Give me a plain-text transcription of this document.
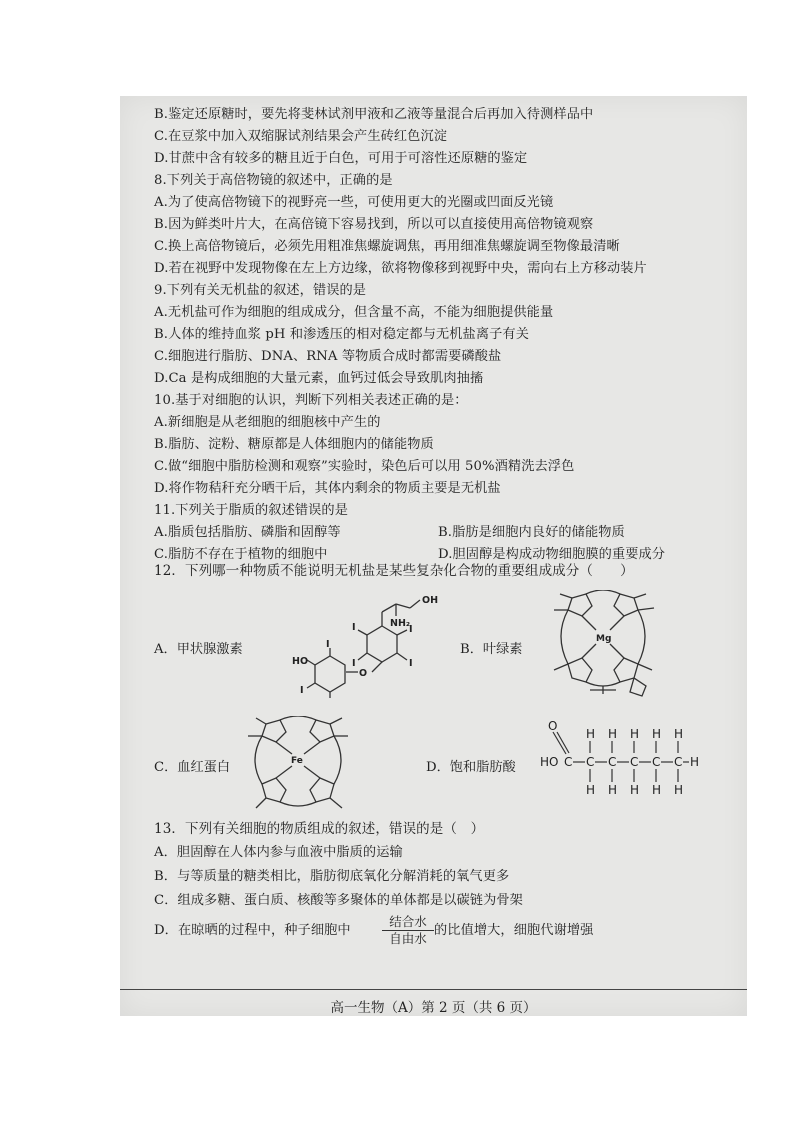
B.鉴定还原糖时，要先将斐林试剂甲液和乙液等量混合后再加入待测样品中
C.在豆浆中加入双缩脲试剂结果会产生砖红色沉淀
D.甘蔗中含有较多的糖且近于白色，可用于可溶性还原糖的鉴定
8.下列关于高倍物镜的叙述中，正确的是
A.为了使高倍物镜下的视野亮一些，可使用更大的光圈或凹面反光镜
B.因为鲜类叶片大，在高倍镜下容易找到，所以可以直接使用高倍物镜观察
C.换上高倍物镜后，必须先用粗准焦螺旋调焦，再用细准焦螺旋调至物像最清晰
D.若在视野中发现物像在左上方边缘，欲将物像移到视野中央，需向右上方移动装片
9.下列有关无机盐的叙述，错误的是
A.无机盐可作为细胞的组成成分，但含量不高，不能为细胞提供能量
B.人体的维持血浆 pH 和渗透压的相对稳定都与无机盐离子有关
C.细胞进行脂肪、DNA、RNA 等物质合成时都需要磷酸盐
D.Ca 是构成细胞的大量元素，血钙过低会导致肌肉抽搐
10.基于对细胞的认识，判断下列相关表述正确的是：
A.新细胞是从老细胞的细胞核中产生的
B.脂肪、淀粉、糖原都是人体细胞内的储能物质
C.做“细胞中脂肪检测和观察”实验时，染色后可以用 50%酒精洗去浮色
D.将作物秸秆充分晒干后，其体内剩余的物质主要是无机盐
11.下列关于脂质的叙述错误的是
A.脂质包括脂肪、磷脂和固醇等	B.脂肪是细胞内良好的储能物质
C.脂肪不存在于植物的细胞中	D.胆固醇是构成动物细胞膜的重要成分
12．下列哪一种物质不能说明无机盐是某些复杂化合物的重要组成成分（　　）
A．甲状腺激素	B．叶绿素
C．血红蛋白	D．饱和脂肪酸
OH
NH₂
I
I
I
I
O
I
HO
I
Mg
Fe
O
HO C C C C C C H
H H H H H
H H H H H
13．下列有关细胞的物质组成的叙述，错误的是（　）
A．胆固醇在人体内参与血液中脂质的运输
B．与等质量的糖类相比，脂肪彻底氧化分解消耗的氧气更多
C．组成多糖、蛋白质、核酸等多聚体的单体都是以碳链为骨架
D．在晾晒的过程中，种子细胞中
结合水
自由水
的比值增大，细胞代谢增强
高一生物（A）第 2 页（共 6 页）
